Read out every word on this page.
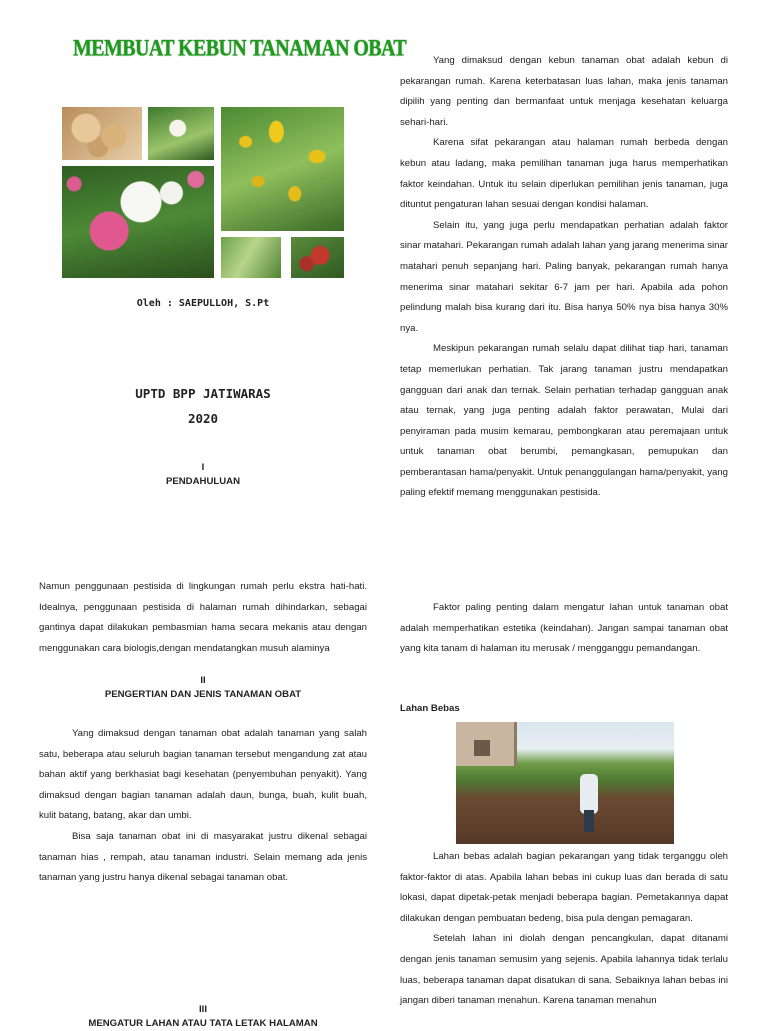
MEMBUAT KEBUN TANAMAN OBAT
Oleh : SAEPULLOH, S.Pt
UPTD BPP JATIWARAS
2020
I
PENDAHULUAN

Yang dimaksud dengan kebun tanaman obat adalah kebun di pekarangan rumah. Karena keterbatasan luas lahan, maka jenis tanaman dipilih yang penting dan bermanfaat untuk menjaga kesehatan keluarga sehari-hari.

Karena sifat pekarangan atau halaman rumah berbeda dengan kebun atau ladang, maka pemilihan tanaman juga harus memperhatikan faktor keindahan. Untuk itu selain diperlukan pemilihan jenis tanaman, juga dituntut pengaturan lahan sesuai dengan kondisi halaman.

Selain itu, yang juga perlu mendapatkan perhatian adalah faktor sinar matahari. Pekarangan rumah adalah lahan yang jarang menerima sinar matahari penuh sepanjang hari. Paling banyak, pekarangan rumah hanya menerima sinar matahari sekitar 6-7 jam per hari. Apabila ada pohon pelindung malah bisa kurang dari itu. Bisa hanya 50% nya bisa hanya 30% nya.

Meskipun pekarangan rumah selalu dapat dilihat tiap hari, tanaman tetap memerlukan perhatian. Tak jarang tanaman justru mendapatkan gangguan dari anak dan ternak. Selain perhatian terhadap gangguan anak atau ternak, yang juga penting adalah faktor perawatan, Mulai dari penyiraman pada musim kemarau, pembongkaran atau peremajaan untuk untuk tanaman obat berumbi, pemangkasan, pemupukan dan pemberantasan hama/penyakit. Untuk penanggulangan hama/penyakit, yang paling efektif memang menggunakan pestisida.

Namun penggunaan pestisida di lingkungan rumah perlu ekstra hati-hati. Idealnya, penggunaan pestisida di halaman rumah dihindarkan, sebagai gantinya dapat dilakukan pembasmian hama secara mekanis atau dengan menggunakan cara biologis,dengan mendatangkan musuh alaminya

II
PENGERTIAN DAN JENIS TANAMAN OBAT

Yang dimaksud dengan tanaman obat adalah tanaman yang salah satu, beberapa atau seluruh bagian tanaman tersebut mengandung zat atau bahan aktif yang berkhasiat bagi kesehatan (penyembuhan penyakit). Yang dimaksud dengan bagian tanaman adalah daun, bunga, buah, kulit buah, kulit batang, batang, akar dan umbi.

Bisa saja tanaman obat ini di masyarakat justru dikenal sebagai tanaman hias , rempah, atau tanaman industri. Selain memang ada jenis tanaman yang justru hanya dikenal sebagai tanaman obat.

III
MENGATUR LAHAN ATAU TATA LETAK HALAMAN

Faktor paling penting dalam mengatur lahan untuk tanaman obat adalah memperhatikan estetika (keindahan). Jangan sampai tanaman obat yang kita tanam di halaman itu merusak / mengganggu pemandangan.

Lahan Bebas

Lahan bebas adalah bagian pekarangan yang tidak terganggu oleh faktor-faktor di atas. Apabila lahan bebas ini cukup luas dan berada di satu lokasi, dapat dipetak-petak menjadi beberapa bagian. Pemetakannya dapat dilakukan dengan pembuatan bedeng, bisa pula dengan pemagaran.

Setelah lahan ini diolah dengan pencangkulan, dapat ditanami dengan jenis tanaman semusim yang sejenis. Apabila lahannya tidak terlalu luas, beberapa tanaman dapat disatukan di sana. Sebaiknya lahan bebas ini jangan diberi tanaman menahun. Karena tanaman menahun
